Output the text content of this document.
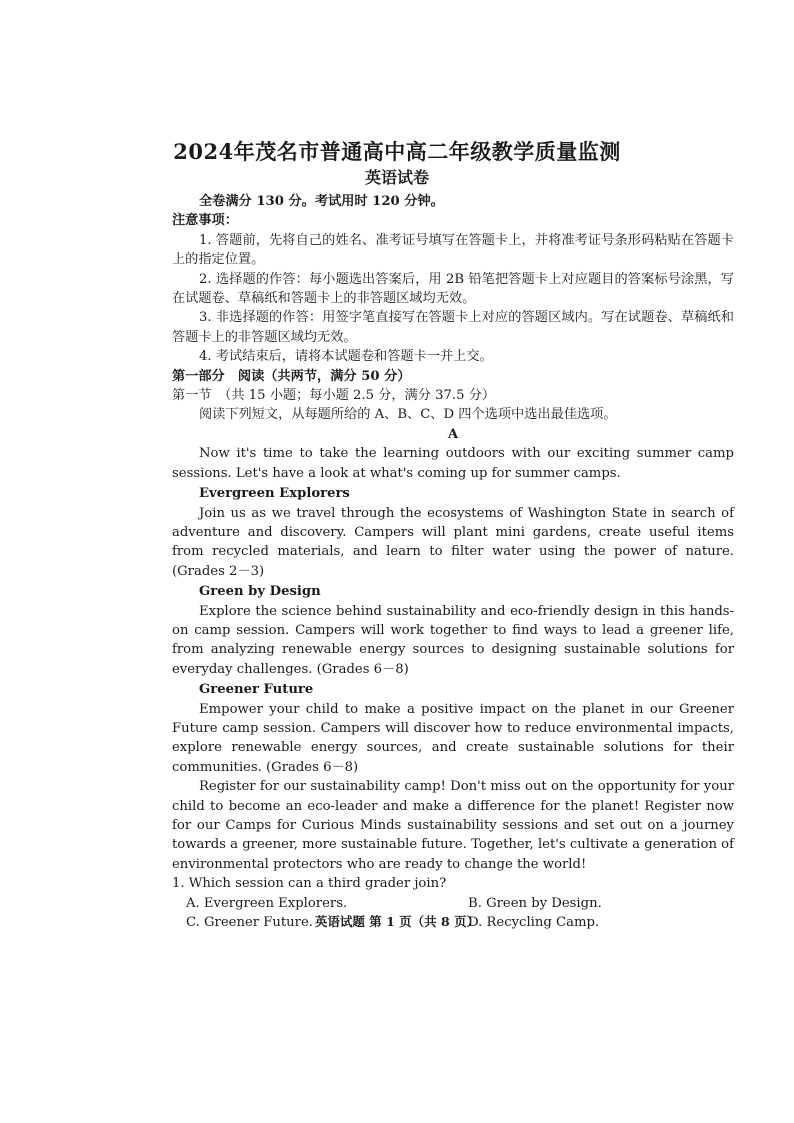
2024年茂名市普通高中高二年级教学质量监测
英语试卷

全卷满分 130 分。考试用时 120 分钟。

注意事项：

1. 答题前，先将自己的姓名、准考证号填写在答题卡上，并将准考证号条形码粘贴在答题卡上的指定位置。

2. 选择题的作答：每小题选出答案后，用 2B 铅笔把答题卡上对应题目的答案标号涂黑，写在试题卷、草稿纸和答题卡上的非答题区域均无效。

3. 非选择题的作答：用签字笔直接写在答题卡上对应的答题区域内。写在试题卷、草稿纸和答题卡上的非答题区域均无效。

4. 考试结束后，请将本试题卷和答题卡一并上交。

第一部分　阅读（共两节，满分 50 分）

第一节　（共 15 小题；每小题 2.5 分，满分 37.5 分）

阅读下列短文，从每题所给的 A、B、C、D 四个选项中选出最佳选项。

A

Now it's time to take the learning outdoors with our exciting summer camp sessions. Let's have a look at what's coming up for summer camps.

Evergreen Explorers

Join us as we travel through the ecosystems of Washington State in search of adventure and discovery. Campers will plant mini gardens, create useful items from recycled materials, and learn to filter water using the power of nature. (Grades 2－3)

Green by Design

Explore the science behind sustainability and eco-friendly design in this hands-on camp session. Campers will work together to find ways to lead a greener life, from analyzing renewable energy sources to designing sustainable solutions for everyday challenges. (Grades 6－8)

Greener Future

Empower your child to make a positive impact on the planet in our Greener Future camp session. Campers will discover how to reduce environmental impacts, explore renewable energy sources, and create sustainable solutions for their communities. (Grades 6－8)

Register for our sustainability camp! Don't miss out on the opportunity for your child to become an eco-leader and make a difference for the planet! Register now for our Camps for Curious Minds sustainability sessions and set out on a journey towards a greener, more sustainable future. Together, let's cultivate a generation of environmental protectors who are ready to change the world!

1. Which session can a third grader join?

A. Evergreen Explorers.	B. Green by Design.
C. Greener Future.	D. Recycling Camp.
英语试题 第 1 页（共 8 页）
